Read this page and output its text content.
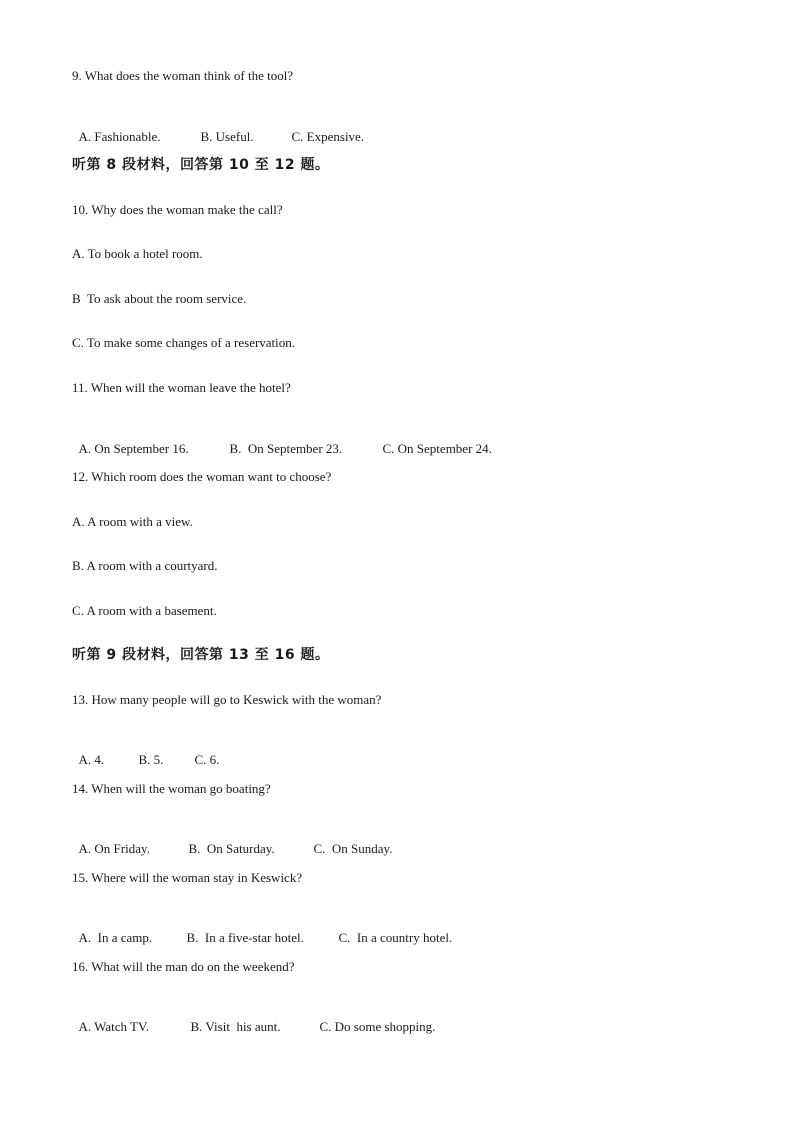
9. What does the woman think of the tool?

A. Fashionable.	B. Useful.	C. Expensive.

听第 8 段材料，回答第 10 至 12 题。
10. Why does the woman make the call?
A. To book a hotel room.
B  To ask about the room service.
C. To make some changes of a reservation.
11. When will the woman leave the hotel?

A. On September 16.	B.  On September 23.	C. On September 24.

12. Which room does the woman want to choose?
A. A room with a view.
B. A room with a courtyard.
C. A room with a basement.
听第 9 段材料，回答第 13 至 16 题。
13. How many people will go to Keswick with the woman?

A. 4.	B. 5. C. 6.

14. When will the woman go boating?

A. On Friday.	B.  On Saturday.	C.  On Sunday.

15. Where will the woman stay in Keswick?

A.  In a camp.	B.  In a five-star hotel.	C.  In a country hotel.

16. What will the man do on the weekend?

A. Watch TV.	B. Visit  his aunt.	C. Do some shopping.
